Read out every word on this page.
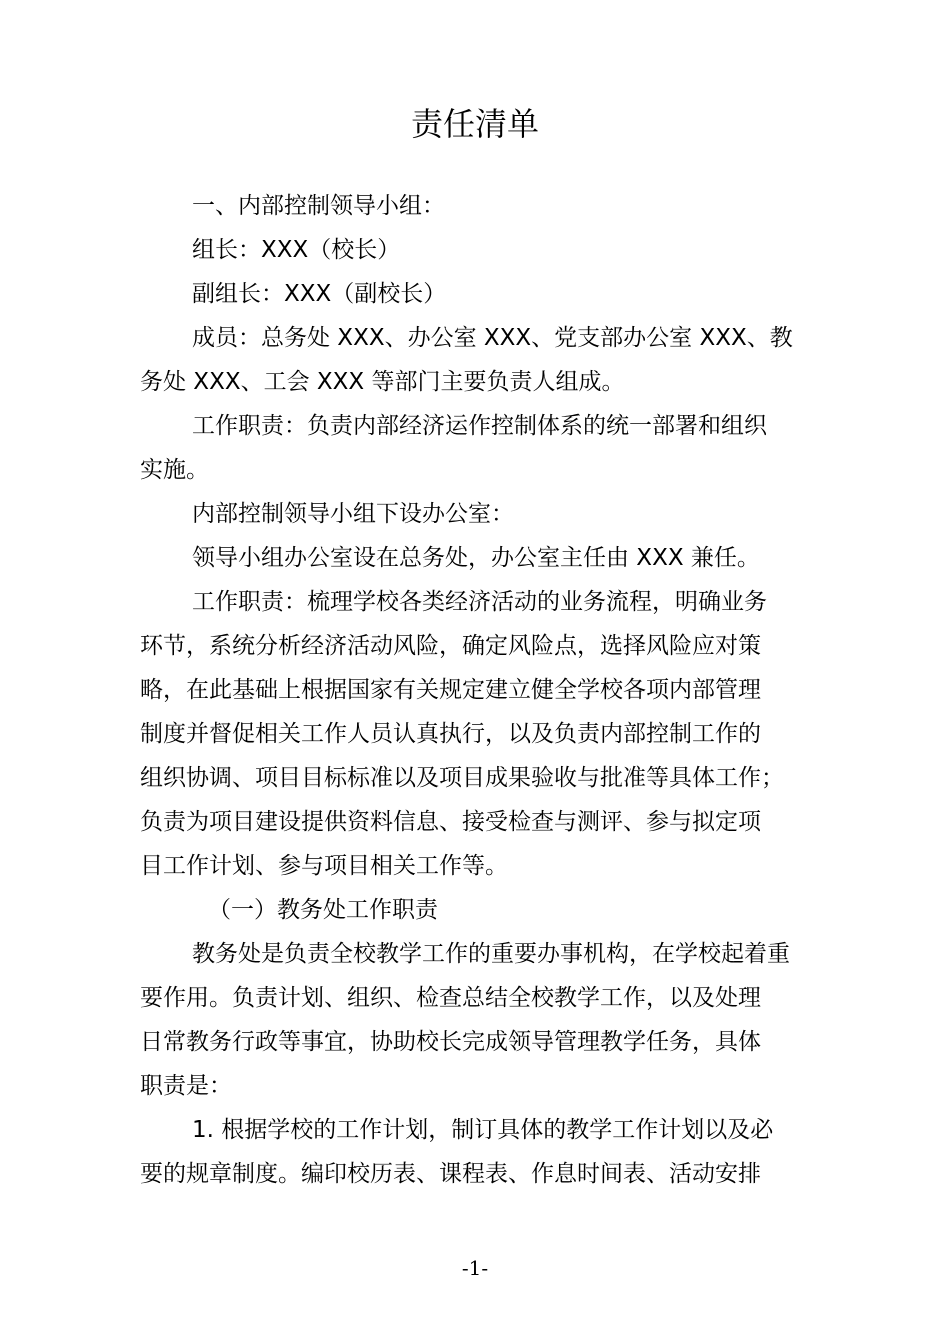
责任清单
一、内部控制领导小组：
组长：XXX（校长）
副组长：XXX（副校长）
成员：总务处 XXX、办公室 XXX、党支部办公室 XXX、教
务处 XXX、工会 XXX 等部门主要负责人组成。
工作职责：负责内部经济运作控制体系的统一部署和组织
实施。
内部控制领导小组下设办公室：
领导小组办公室设在总务处，办公室主任由 XXX 兼任。
工作职责：梳理学校各类经济活动的业务流程，明确业务
环节，系统分析经济活动风险，确定风险点，选择风险应对策
略，在此基础上根据国家有关规定建立健全学校各项内部管理
制度并督促相关工作人员认真执行，以及负责内部控制工作的
组织协调、项目目标标准以及项目成果验收与批准等具体工作；
负责为项目建设提供资料信息、接受检查与测评、参与拟定项
目工作计划、参与项目相关工作等。
（一）教务处工作职责
教务处是负责全校教学工作的重要办事机构，在学校起着重
要作用。负责计划、组织、检查总结全校教学工作，以及处理
日常教务行政等事宜，协助校长完成领导管理教学任务，具体
职责是：
1. 根据学校的工作计划，制订具体的教学工作计划以及必
要的规章制度。编印校历表、课程表、作息时间表、活动安排
-1-
